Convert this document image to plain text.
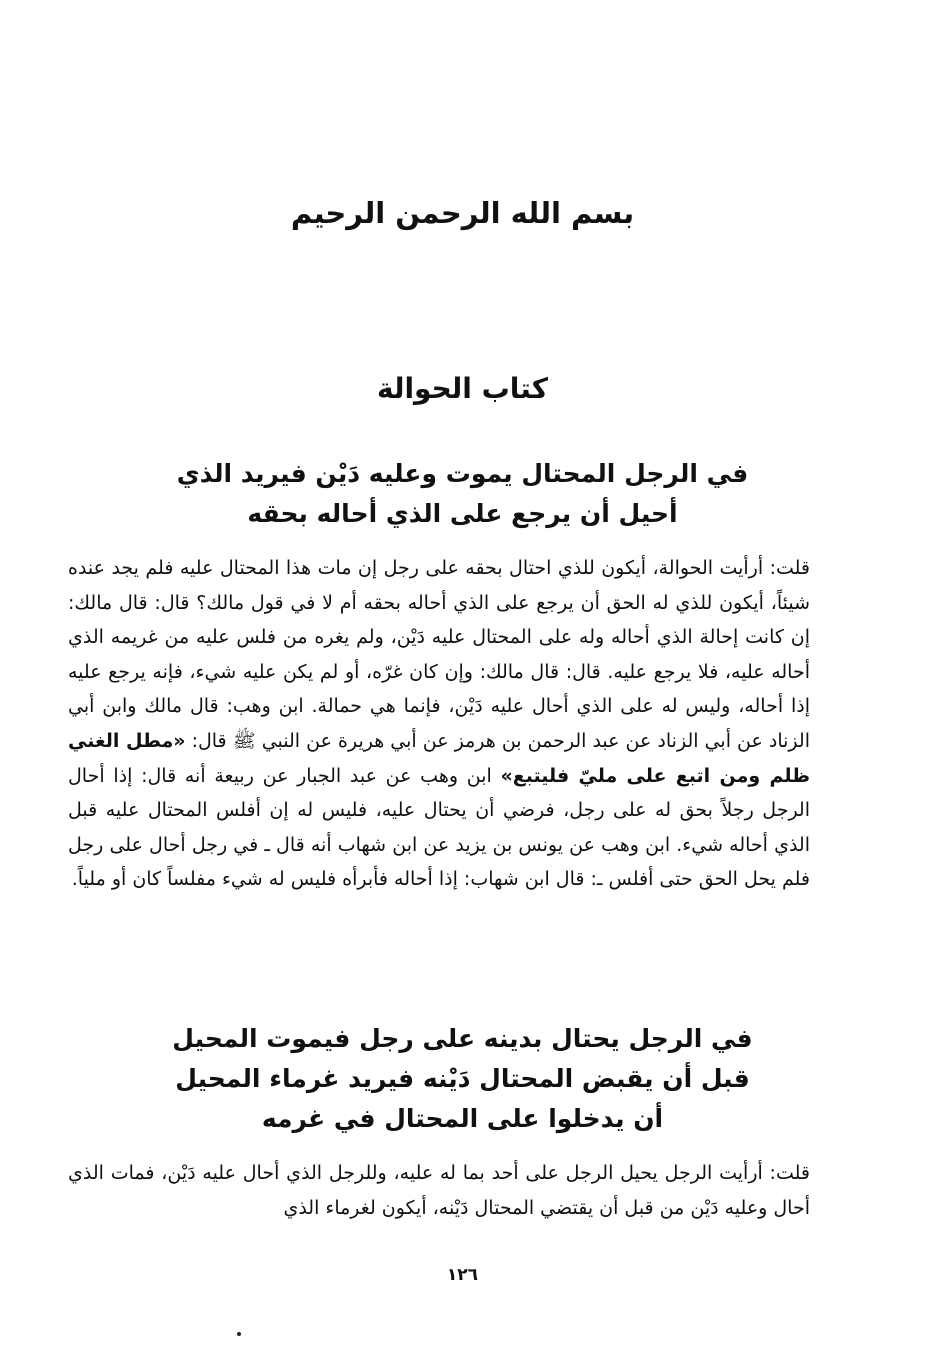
بسم الله الرحمن الرحيم
كتاب الحوالة
في الرجل المحتال يموت وعليه دَيْن فيريد الذي
أحيل أن يرجع على الذي أحاله بحقه
قلت: أرأيت الحوالة، أيكون للذي احتال بحقه على رجل إن مات هذا المحتال عليه فلم يجد عنده شيئاً، أيكون للذي له الحق أن يرجع على الذي أحاله بحقه أم لا في قول مالك؟ قال: قال مالك: إن كانت إحالة الذي أحاله وله على المحتال عليه دَيْن، ولم يغره من فلس عليه من غريمه الذي أحاله عليه، فلا يرجع عليه. قال: قال مالك: وإن كان غرّه، أو لم يكن عليه شيء، فإنه يرجع عليه إذا أحاله، وليس له على الذي أحال عليه دَيْن، فإنما هي حمالة. ابن وهب: قال مالك وابن أبي الزناد عن أبي الزناد عن عبد الرحمن بن هرمز عن أبي هريرة عن النبي ﷺ قال: «مطل الغني ظلم ومن اتبع على مليّ فليتبع» ابن وهب عن عبد الجبار عن ربيعة أنه قال: إذا أحال الرجل رجلاً بحق له على رجل، فرضي أن يحتال عليه، فليس له إن أفلس المحتال عليه قبل الذي أحاله شيء. ابن وهب عن يونس بن يزيد عن ابن شهاب أنه قال ـ في رجل أحال على رجل فلم يحل الحق حتى أفلس ـ: قال ابن شهاب: إذا أحاله فأبرأه فليس له شيء مفلساً كان أو ملياً.
في الرجل يحتال بدينه على رجل فيموت المحيل
قبل أن يقبض المحتال دَيْنه فيريد غرماء المحيل
أن يدخلوا على المحتال في غرمه
قلت: أرأيت الرجل يحيل الرجل على أحد بما له عليه، وللرجل الذي أحال عليه دَيْن، فمات الذي أحال وعليه دَيْن من قبل أن يقتضي المحتال دَيْنه، أيكون لغرماء الذي
١٢٦
